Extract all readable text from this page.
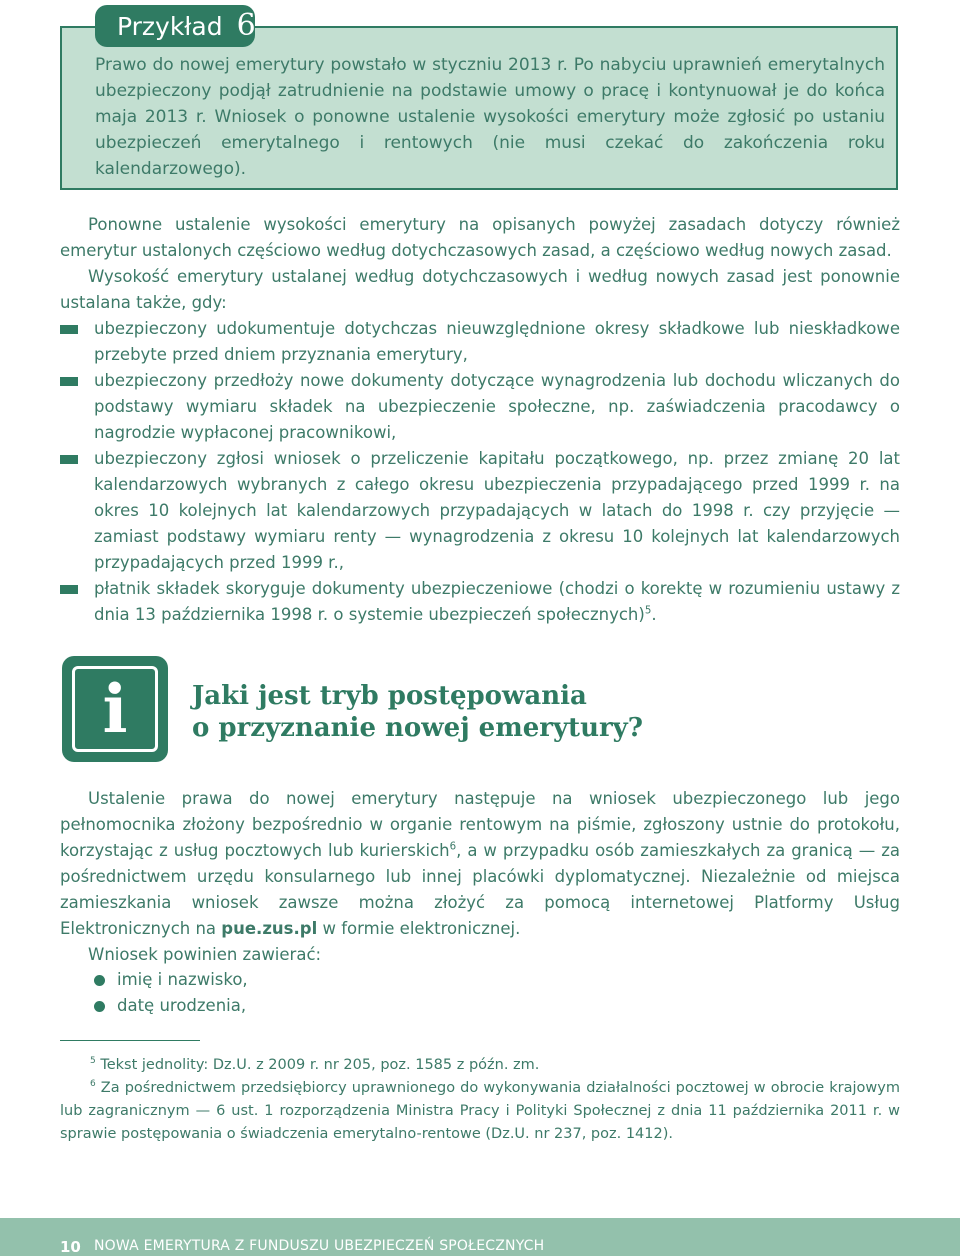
Przykład 6

Prawo do nowej emerytury powstało w styczniu 2013 r. Po nabyciu uprawnień emerytalnych ubezpieczony podjął zatrudnienie na podstawie umowy o pracę i kontynuował je do końca maja 2013 r. Wniosek o ponowne ustalenie wysokości emerytury może zgłosić po ustaniu ubezpieczeń emerytalnego i rentowych (nie musi czekać do zakończenia roku kalendarzowego).

Ponowne ustalenie wysokości emerytury na opisanych powyżej zasadach dotyczy również emerytur ustalonych częściowo według dotychczasowych zasad, a częściowo według nowych zasad.

Wysokość emerytury ustalanej według dotychczasowych i według nowych zasad jest ponownie ustalana także, gdy:

ubezpieczony udokumentuje dotychczas nieuwzględnione okresy składkowe lub nieskładkowe przebyte przed dniem przyznania emerytury,
ubezpieczony przedłoży nowe dokumenty dotyczące wynagrodzenia lub dochodu wliczanych do podstawy wymiaru składek na ubezpieczenie społeczne, np. zaświadczenia pracodawcy o nagrodzie wypłaconej pracownikowi,
ubezpieczony zgłosi wniosek o przeliczenie kapitału początkowego, np. przez zmianę 20 lat kalendarzowych wybranych z całego okresu ubezpieczenia przypadającego przed 1999 r. na okres 10 kolejnych lat kalendarzowych przypadających w latach do 1998 r. czy przyjęcie — zamiast podstawy wymiaru renty — wynagrodzenia z okresu 10 kolejnych lat kalendarzowych przypadających przed 1999 r.,
płatnik składek skoryguje dokumenty ubezpieczeniowe (chodzi o korektę w rozumieniu ustawy z dnia 13 października 1998 r. o systemie ubezpieczeń społecznych)$^5$.
i	Jaki jest tryb postępowania
o przyznanie nowej emerytury?

Ustalenie prawa do nowej emerytury następuje na wniosek ubezpieczonego lub jego pełnomocnika złożony bezpośrednio w organie rentowym na piśmie, zgłoszony ustnie do protokołu, korzystając z usług pocztowych lub kurierskich$^6$, a w przypadku osób zamieszkałych za granicą — za pośrednictwem urzędu konsularnego lub innej placówki dyplomatycznej. Niezależnie od miejsca zamieszkania wniosek zawsze można złożyć za pomocą internetowej Platformy Usług Elektronicznych na pue.zus.pl w formie elektronicznej.

Wniosek powinien zawierać:

imię i nazwisko,
datę urodzenia,

$^5$ Tekst jednolity: Dz.U. z 2009 r. nr 205, poz. 1585 z późn. zm.

$^6$ Za pośrednictwem przedsiębiorcy uprawnionego do wykonywania działalności pocztowej w obrocie krajowym lub zagranicznym — 6 ust. 1 rozporządzenia Ministra Pracy i Polityki Społecznej z dnia 11 października 2011 r. w sprawie postępowania o świadczenia emerytalno-rentowe (Dz.U. nr 237, poz. 1412).

10 NOWA EMERYTURA Z FUNDUSZU UBEZPIECZEŃ SPOŁECZNYCH
